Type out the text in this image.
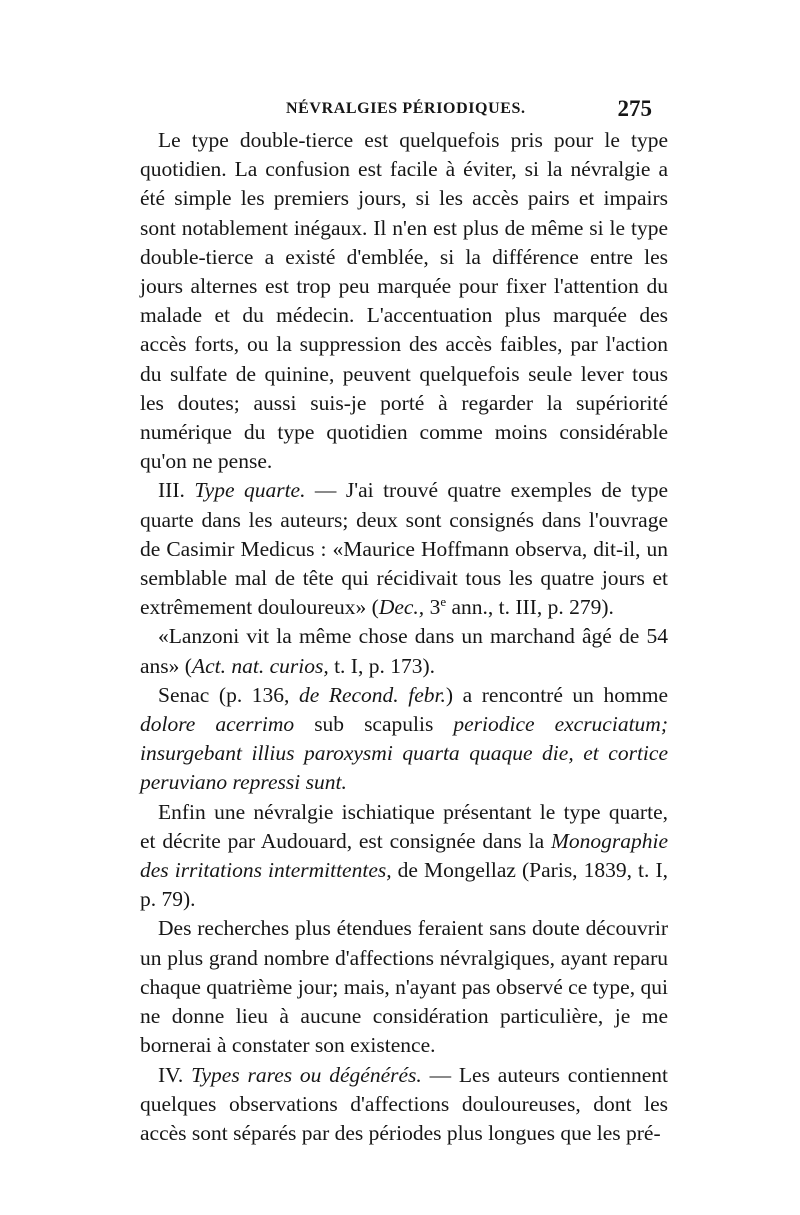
NÉVRALGIES PÉRIODIQUES.	275

Le type double-tierce est quelquefois pris pour le type quotidien. La confusion est facile à éviter, si la névralgie a été simple les premiers jours, si les accès pairs et impairs sont notablement inégaux. Il n'en est plus de même si le type double-tierce a existé d'emblée, si la différence entre les jours alternes est trop peu marquée pour fixer l'attention du malade et du médecin. L'accentuation plus marquée des accès forts, ou la suppression des accès faibles, par l'action du sulfate de quinine, peuvent quelquefois seule lever tous les doutes; aussi suis-je porté à regarder la supériorité numérique du type quotidien comme moins considérable qu'on ne pense.

III. Type quarte. — J'ai trouvé quatre exemples de type quarte dans les auteurs; deux sont consignés dans l'ouvrage de Casimir Medicus : «Maurice Hoffmann observa, dit-il, un semblable mal de tête qui récidivait tous les quatre jours et extrêmement douloureux» (Dec., 3e ann., t. III, p. 279).

«Lanzoni vit la même chose dans un marchand âgé de 54 ans» (Act. nat. curios, t. I, p. 173).

Senac (p. 136, de Recond. febr.) a rencontré un homme dolore acerrimo sub scapulis periodice excruciatum; insurgebant illius paroxysmi quarta quaque die, et cortice peruviano repressi sunt.

Enfin une névralgie ischiatique présentant le type quarte, et décrite par Audouard, est consignée dans la Monographie des irritations intermittentes, de Mongellaz (Paris, 1839, t. I, p. 79).

Des recherches plus étendues feraient sans doute découvrir un plus grand nombre d'affections névralgiques, ayant reparu chaque quatrième jour; mais, n'ayant pas observé ce type, qui ne donne lieu à aucune considération particulière, je me bornerai à constater son existence.

IV. Types rares ou dégénérés. — Les auteurs contiennent quelques observations d'affections douloureuses, dont les accès sont séparés par des périodes plus longues que les pré-
